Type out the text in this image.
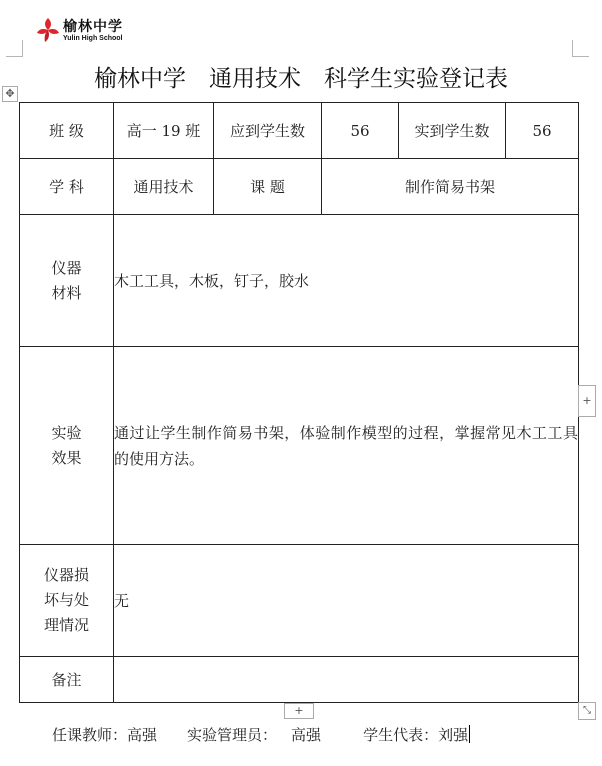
榆林中学
Yulin High School
榆林中学　通用技术　科学生实验登记表
✥
班 级	高一 19 班	应到学生数	56	实到学生数	56
学 科	通用技术	课 题	制作简易书架		

仪器
材料	木工工具，木板，钉子，胶水				

实验
效果	通过让学生制作简易书架，体验制作模型的过程，掌握常见木工工具的使用方法。				

仪器损
坏与处
理情况	无				
备注					
+
+	⤡
任课教师：高强 实验管理员： 高强	学生代表：刘强
